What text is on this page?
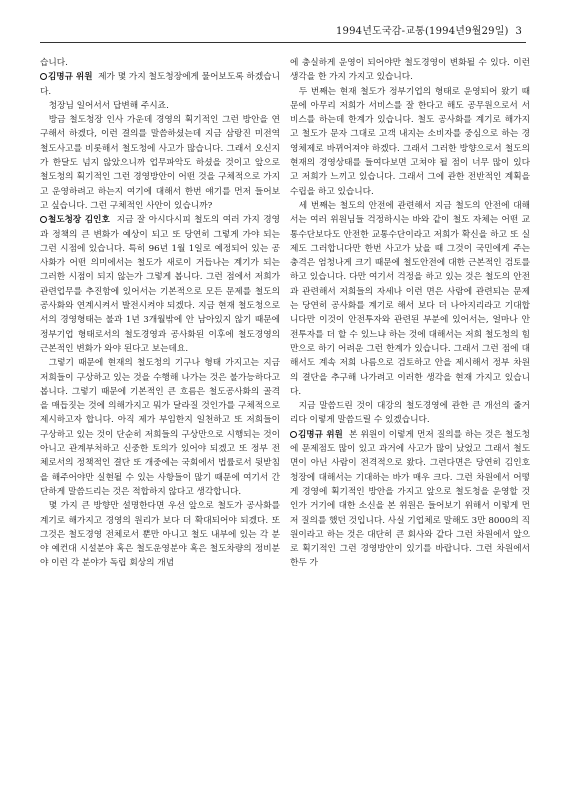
1994년도국감-교통(1994년9월29일) 3

습니다.

김명규 위원 제가 몇 가지 철도청장에게 물어보도록 하겠습니다.

청장님 일어서서 답변해 주시죠.

방금 철도청장 인사 가운데 경영의 획기적인 그런 방안을 연구해서 하겠다, 이런 결의를 말씀하셨는데 지금 삼랑진 미전역 철도사고를 비롯해서 철도청에 사고가 많습니다. 그래서 오신지가 한달도 넘지 않았으니까 업무파악도 하셨을 것이고 앞으로 철도청의 획기적인 그런 경영방안이 어떤 것을 구체적으로 가지고 운영하려고 하는지 여기에 대해서 한번 얘기를 먼저 들어보고 싶습니다. 그런 구체적인 사안이 있습니까?

철도청장 김인호 지금 잘 아시다시피 철도의 여러 가지 경영과 정책의 큰 변화가 예상이 되고 또 당연히 그렇게 가야 되는 그런 시점에 있습니다. 특히 96년 1월 1일로 예정되어 있는 공사화가 어떤 의미에서는 철도가 새로이 거듭나는 계기가 되는 그러한 시점이 되지 않는가 그렇게 봅니다. 그런 점에서 저희가 관련업무를 추진함에 있어서는 기본적으로 모든 문제를 철도의 공사화와 연계시켜서 발전시켜야 되겠다. 지금 현재 철도청으로서의 경영형태는 불과 1년 3개월밖에 안 남아있지 않기 때문에 정부기업 형태로서의 철도경영과 공사화된 이후에 철도경영의 근본적인 변화가 와야 된다고 보는데요.

그렇기 때문에 현재의 철도청의 기구나 형태 가지고는 지금 저희들이 구상하고 있는 것을 수행해 나가는 것은 불가능하다고 봅니다. 그렇기 때문에 기본적인 큰 흐름은 철도공사화의 골격을 매듭짓는 것에 의해가지고 뭐가 달라질 것인가를 구체적으로 제시하고자 합니다. 아직 제가 부임한지 일천하고 또 저희들이 구상하고 있는 것이 단순히 저희들의 구상만으로 시행되는 것이 아니고 관계부처하고 신중한 토의가 있어야 되겠고 또 정부 전체로서의 정책적인 결단 또 개중에는 국회에서 법률로서 뒷받침을 해주어야만 실현될 수 있는 사항들이 많기 때문에 여기서 간단하게 말씀드리는 것은 적합하지 않다고 생각합니다.

몇 가지 큰 방향만 설명한다면 우선 앞으로 철도가 공사화를 계기로 해가지고 경영의 원리가 보다 더 확대되어야 되겠다. 또 그것은 철도경영 전체로서 뿐만 아니고 철도 내부에 있는 각 분야 예컨대 시설분야 혹은 철도운영분야 혹은 철도차량의 정비분야 이런 각 분야가 독립 회상의 개념

에 충실하게 운영이 되어야만 철도경영이 변화될 수 있다. 이런 생각을 한 가지 가지고 있습니다.

두 번째는 현재 철도가 정부기업의 형태로 운영되어 왔기 때문에 아무리 저희가 서비스를 잘 한다고 해도 공무원으로서 서비스를 하는데 한계가 있습니다. 철도 공사화를 계기로 해가지고 철도가 문자 그대로 고객 내지는 소비자를 중심으로 하는 경영체제로 바뀌어져야 하겠다. 그래서 그러한 방향으로서 철도의 현재의 경영상태를 들여다보면 고쳐야 될 점이 너무 많이 있다고 저희가 느끼고 있습니다. 그래서 그에 관한 전반적인 계획을 수립을 하고 있습니다.

세 번째는 철도의 안전에 관련해서 지금 철도의 안전에 대해서는 여러 위원님들 걱정하시는 바와 같이 철도 자체는 어떤 교통수단보다도 안전한 교통수단이라고 저희가 확신을 하고 또 실제도 그러합니다만 한번 사고가 났을 때 그것이 국민에게 주는 충격은 엄청나게 크기 때문에 철도안전에 대한 근본적인 검토를 하고 있습니다. 다만 여기서 걱정을 하고 있는 것은 철도의 안전과 관련해서 저희들의 자세나 이런 면은 사람에 관련되는 문제는 당연히 공사화를 계기로 해서 보다 더 나아지리라고 기대합니다만 이것이 안전투자와 관련된 부분에 있어서는, 얼마나 안전투자를 더 할 수 있느냐 하는 것에 대해서는 저희 철도청의 힘만으로 하기 어려운 그런 한계가 있습니다. 그래서 그런 점에 대해서도 계속 저희 나름으로 검토하고 안을 제시해서 정부 차원의 결단을 추구해 나가려고 이러한 생각을 현재 가지고 있습니다.

지금 말씀드린 것이 대강의 철도경영에 관한 큰 개선의 줄거리다 이렇게 말씀드릴 수 있겠습니다.

김명규 위원 본 위원이 이렇게 먼저 질의를 하는 것은 철도청에 문제점도 많이 있고 과거에 사고가 많이 났었고 그래서 철도면이 아닌 사람이 전격적으로 왔다. 그런다면은 당연히 김인호 청장에 대해서는 기대하는 바가 매우 크다. 그런 차원에서 어떻게 경영에 획기적인 방안을 가지고 앞으로 철도청을 운영할 것인가 거기에 대한 소신을 본 위원은 들어보기 위해서 이렇게 먼저 질의를 했던 것입니다. 사실 기업체로 말해도 3만 8000의 직원이라고 하는 것은 대단히 큰 회사와 같다 그런 차원에서 앞으로 획기적인 그런 경영방안이 있기를 바랍니다. 그런 차원에서 한두 가
